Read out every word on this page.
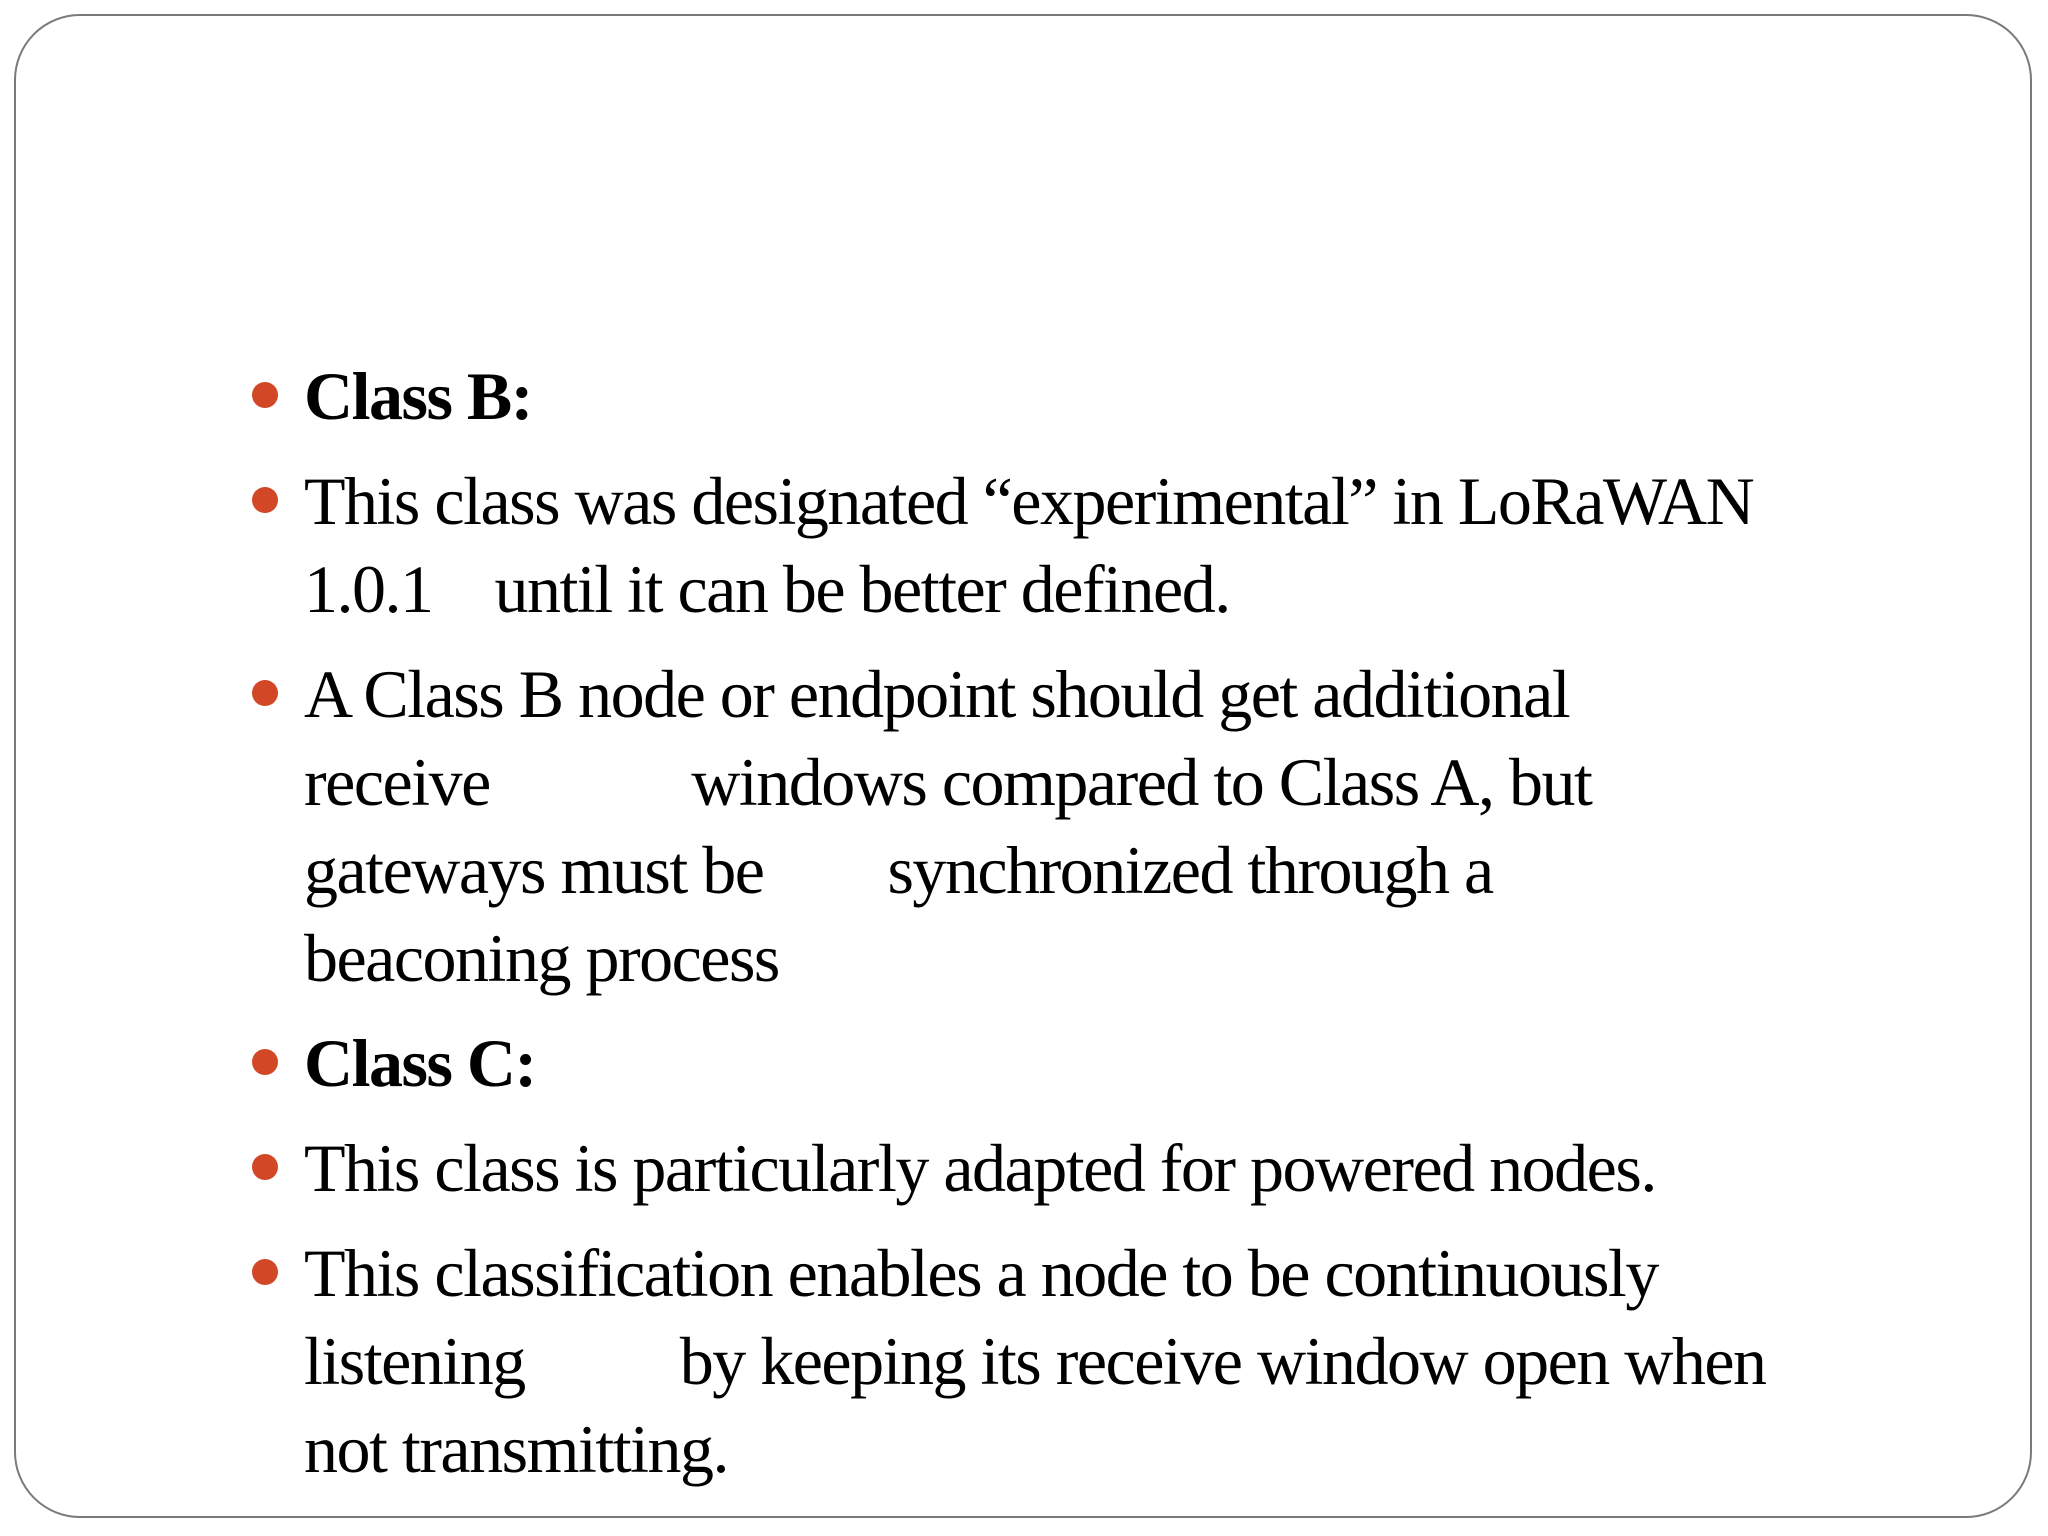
Class B:
This class was designated “experimental” in LoRaWAN
1.0.1    until it can be better defined.
A Class B node or endpoint should get additional
receive             windows compared to Class A, but
gateways must be        synchronized through a
beaconing process
Class C:
This class is particularly adapted for powered nodes.
This classification enables a node to be continuously
listening          by keeping its receive window open when
not transmitting.
